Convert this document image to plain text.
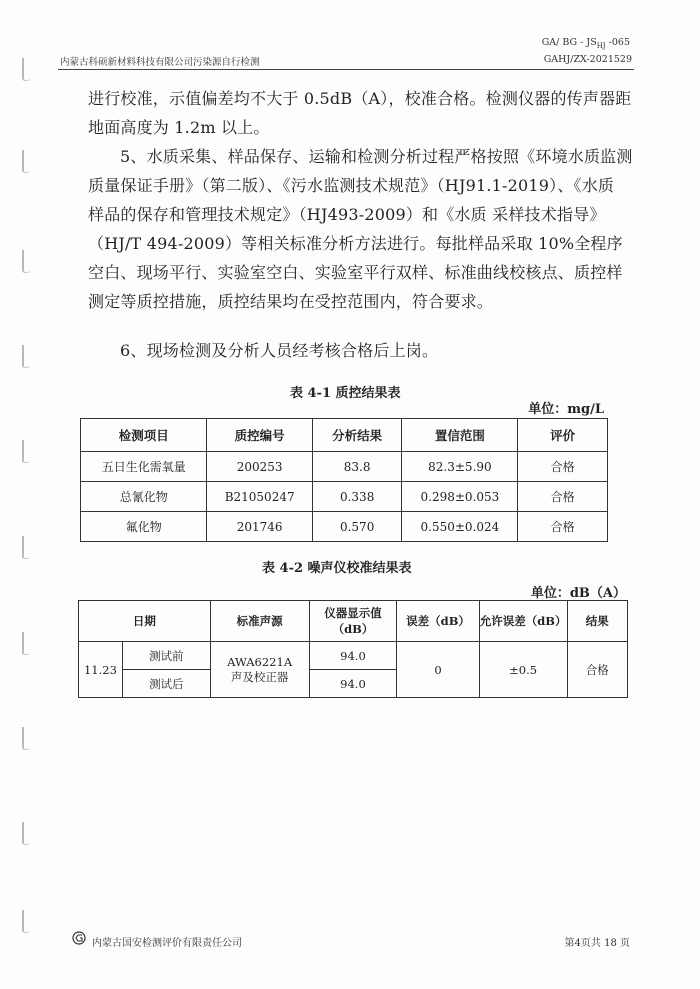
内蒙古科硕新材料科技有限公司污染源自行检测
GA/ BG - $JS_{HJ}$ -065
GAHJ/ZX-2021529
进行校准，示值偏差均不大于 0.5dB（A），校准合格。检测仪器的传声器距地面高度为 1.2m 以上。
5、水质采集、样品保存、运输和检测分析过程严格按照《环境水质监测质量保证手册》（第二版）、《污水监测技术规范》（HJ91.1-2019）、《水质 样品的保存和管理技术规定》（HJ493-2009）和《水质 采样技术指导》（HJ/T 494-2009）等相关标准分析方法进行。每批样品采取 10%全程序空白、现场平行、实验室空白、实验室平行双样、标准曲线校核点、质控样测定等质控措施，质控结果均在受控范围内，符合要求。
6、现场检测及分析人员经考核合格后上岗。
表 4-1 质控结果表
单位：mg/L
检测项目	质控编号	分析结果	置信范围	评价
五日生化需氧量	200253	83.8	82.3±5.90	合格
总氰化物	B21050247	0.338	0.298±0.053	合格
氟化物	201746	0.570	0.550±0.024	合格
表 4-2 噪声仪校准结果表
单位：dB（A）
日期		标准声源	仪器显示值（dB）	误差（dB）	允许误差（dB）	结果
11.23	测试前	AWA6221A 声及校正器	94.0	0	±0.5	合格
	测试后		94.0			
内蒙古国安检测评价有限责任公司	第4页共 18 页
